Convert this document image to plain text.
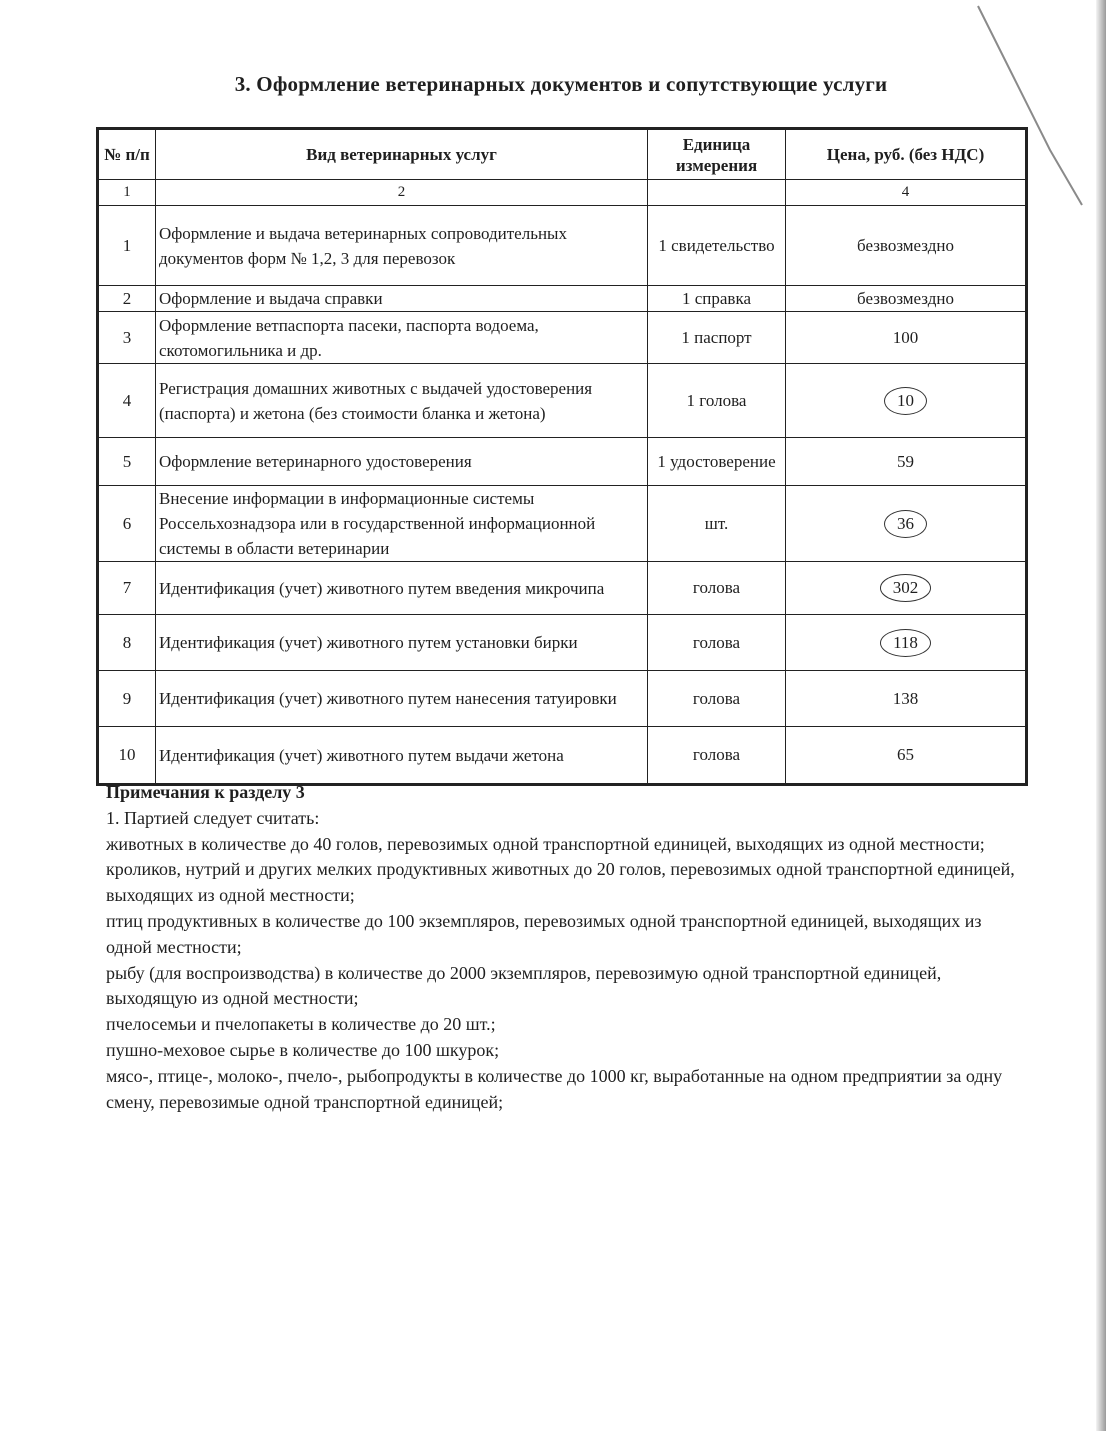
3. Оформление ветеринарных документов и сопутствующие услуги
№ п/п	Вид ветеринарных услуг	Единица измерения	Цена, руб. (без НДС)
1	2		4
1	Оформление и выдача ветеринарных сопроводительных документов форм № 1,2, 3 для перевозок	1 свидетельство	безвозмездно
2	Оформление и выдача справки	1 справка	безвозмездно
3	Оформление ветпаспорта пасеки, паспорта водоема, скотомогильника и др.	1 паспорт	100
4	Регистрация домашних животных с выдачей удостоверения (паспорта) и жетона (без стоимости бланка и жетона)	1 голова	10
5	Оформление ветеринарного удостоверения	1 удостоверение	59
6	Внесение информации в информационные системы Россельхознадзора или в государственной информационной системы в области ветеринарии	шт.	36
7	Идентификация (учет) животного путем введения микрочипа	голова	302
8	Идентификация (учет) животного путем установки бирки	голова	118
9	Идентификация (учет) животного путем нанесения татуировки	голова	138
10	Идентификация (учет) животного путем выдачи жетона	голова	65
Примечания к разделу 3

1. Партией следует считать:

животных в количестве до 40 голов, перевозимых одной транспортной единицей, выходящих из одной местности;

кроликов, нутрий и других мелких продуктивных животных до 20 голов, перевозимых одной транспортной единицей, выходящих из одной местности;

птиц продуктивных в количестве до 100 экземпляров, перевозимых одной транспортной единицей, выходящих из одной местности;

рыбу (для воспроизводства) в количестве до 2000 экземпляров, перевозимую одной транспортной единицей, выходящую из одной местности;

пчелосемьи и пчелопакеты в количестве до 20 шт.;

пушно-меховое сырье в количестве до 100 шкурок;

мясо-, птице-, молоко-, пчело-, рыбопродукты в количестве до 1000 кг, выработанные на одном предприятии за одну смену, перевозимые одной транспортной единицей;
